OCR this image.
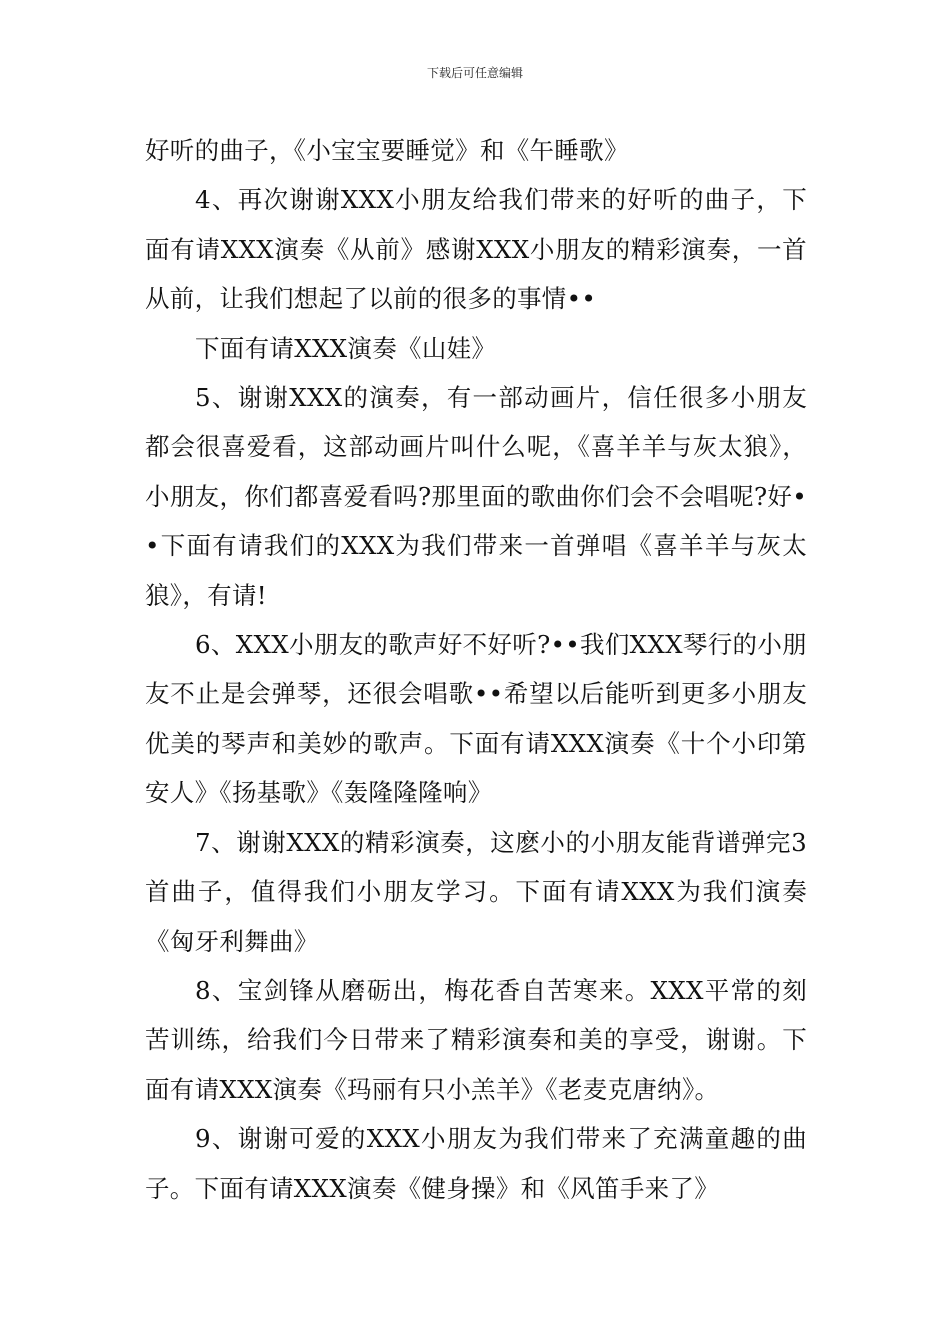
下载后可任意编辑

好听的曲子，《小宝宝要睡觉》和《午睡歌》

4、再次谢谢XXX小朋友给我们带来的好听的曲子，下面有请XXX演奏《从前》感谢XXX小朋友的精彩演奏，一首从前，让我们想起了以前的很多的事情••

下面有请XXX演奏《山娃》

5、谢谢XXX的演奏，有一部动画片，信任很多小朋友都会很喜爱看，这部动画片叫什么呢，《喜羊羊与灰太狼》，小朋友，你们都喜爱看吗?那里面的歌曲你们会不会唱呢?好••下面有请我们的XXX为我们带来一首弹唱《喜羊羊与灰太狼》，有请!

6、XXX小朋友的歌声好不好听?••我们XXX琴行的小朋友不止是会弹琴，还很会唱歌••希望以后能听到更多小朋友优美的琴声和美妙的歌声。下面有请XXX演奏《十个小印第安人》《扬基歌》《轰隆隆隆响》

7、谢谢XXX的精彩演奏，这麽小的小朋友能背谱弹完3首曲子，值得我们小朋友学习。下面有请XXX为我们演奏《匈牙利舞曲》

8、宝剑锋从磨砺出，梅花香自苦寒来。XXX平常的刻苦训练，给我们今日带来了精彩演奏和美的享受，谢谢。下面有请XXX演奏《玛丽有只小羔羊》《老麦克唐纳》。

9、谢谢可爱的XXX小朋友为我们带来了充满童趣的曲子。下面有请XXX演奏《健身操》和《风笛手来了》
